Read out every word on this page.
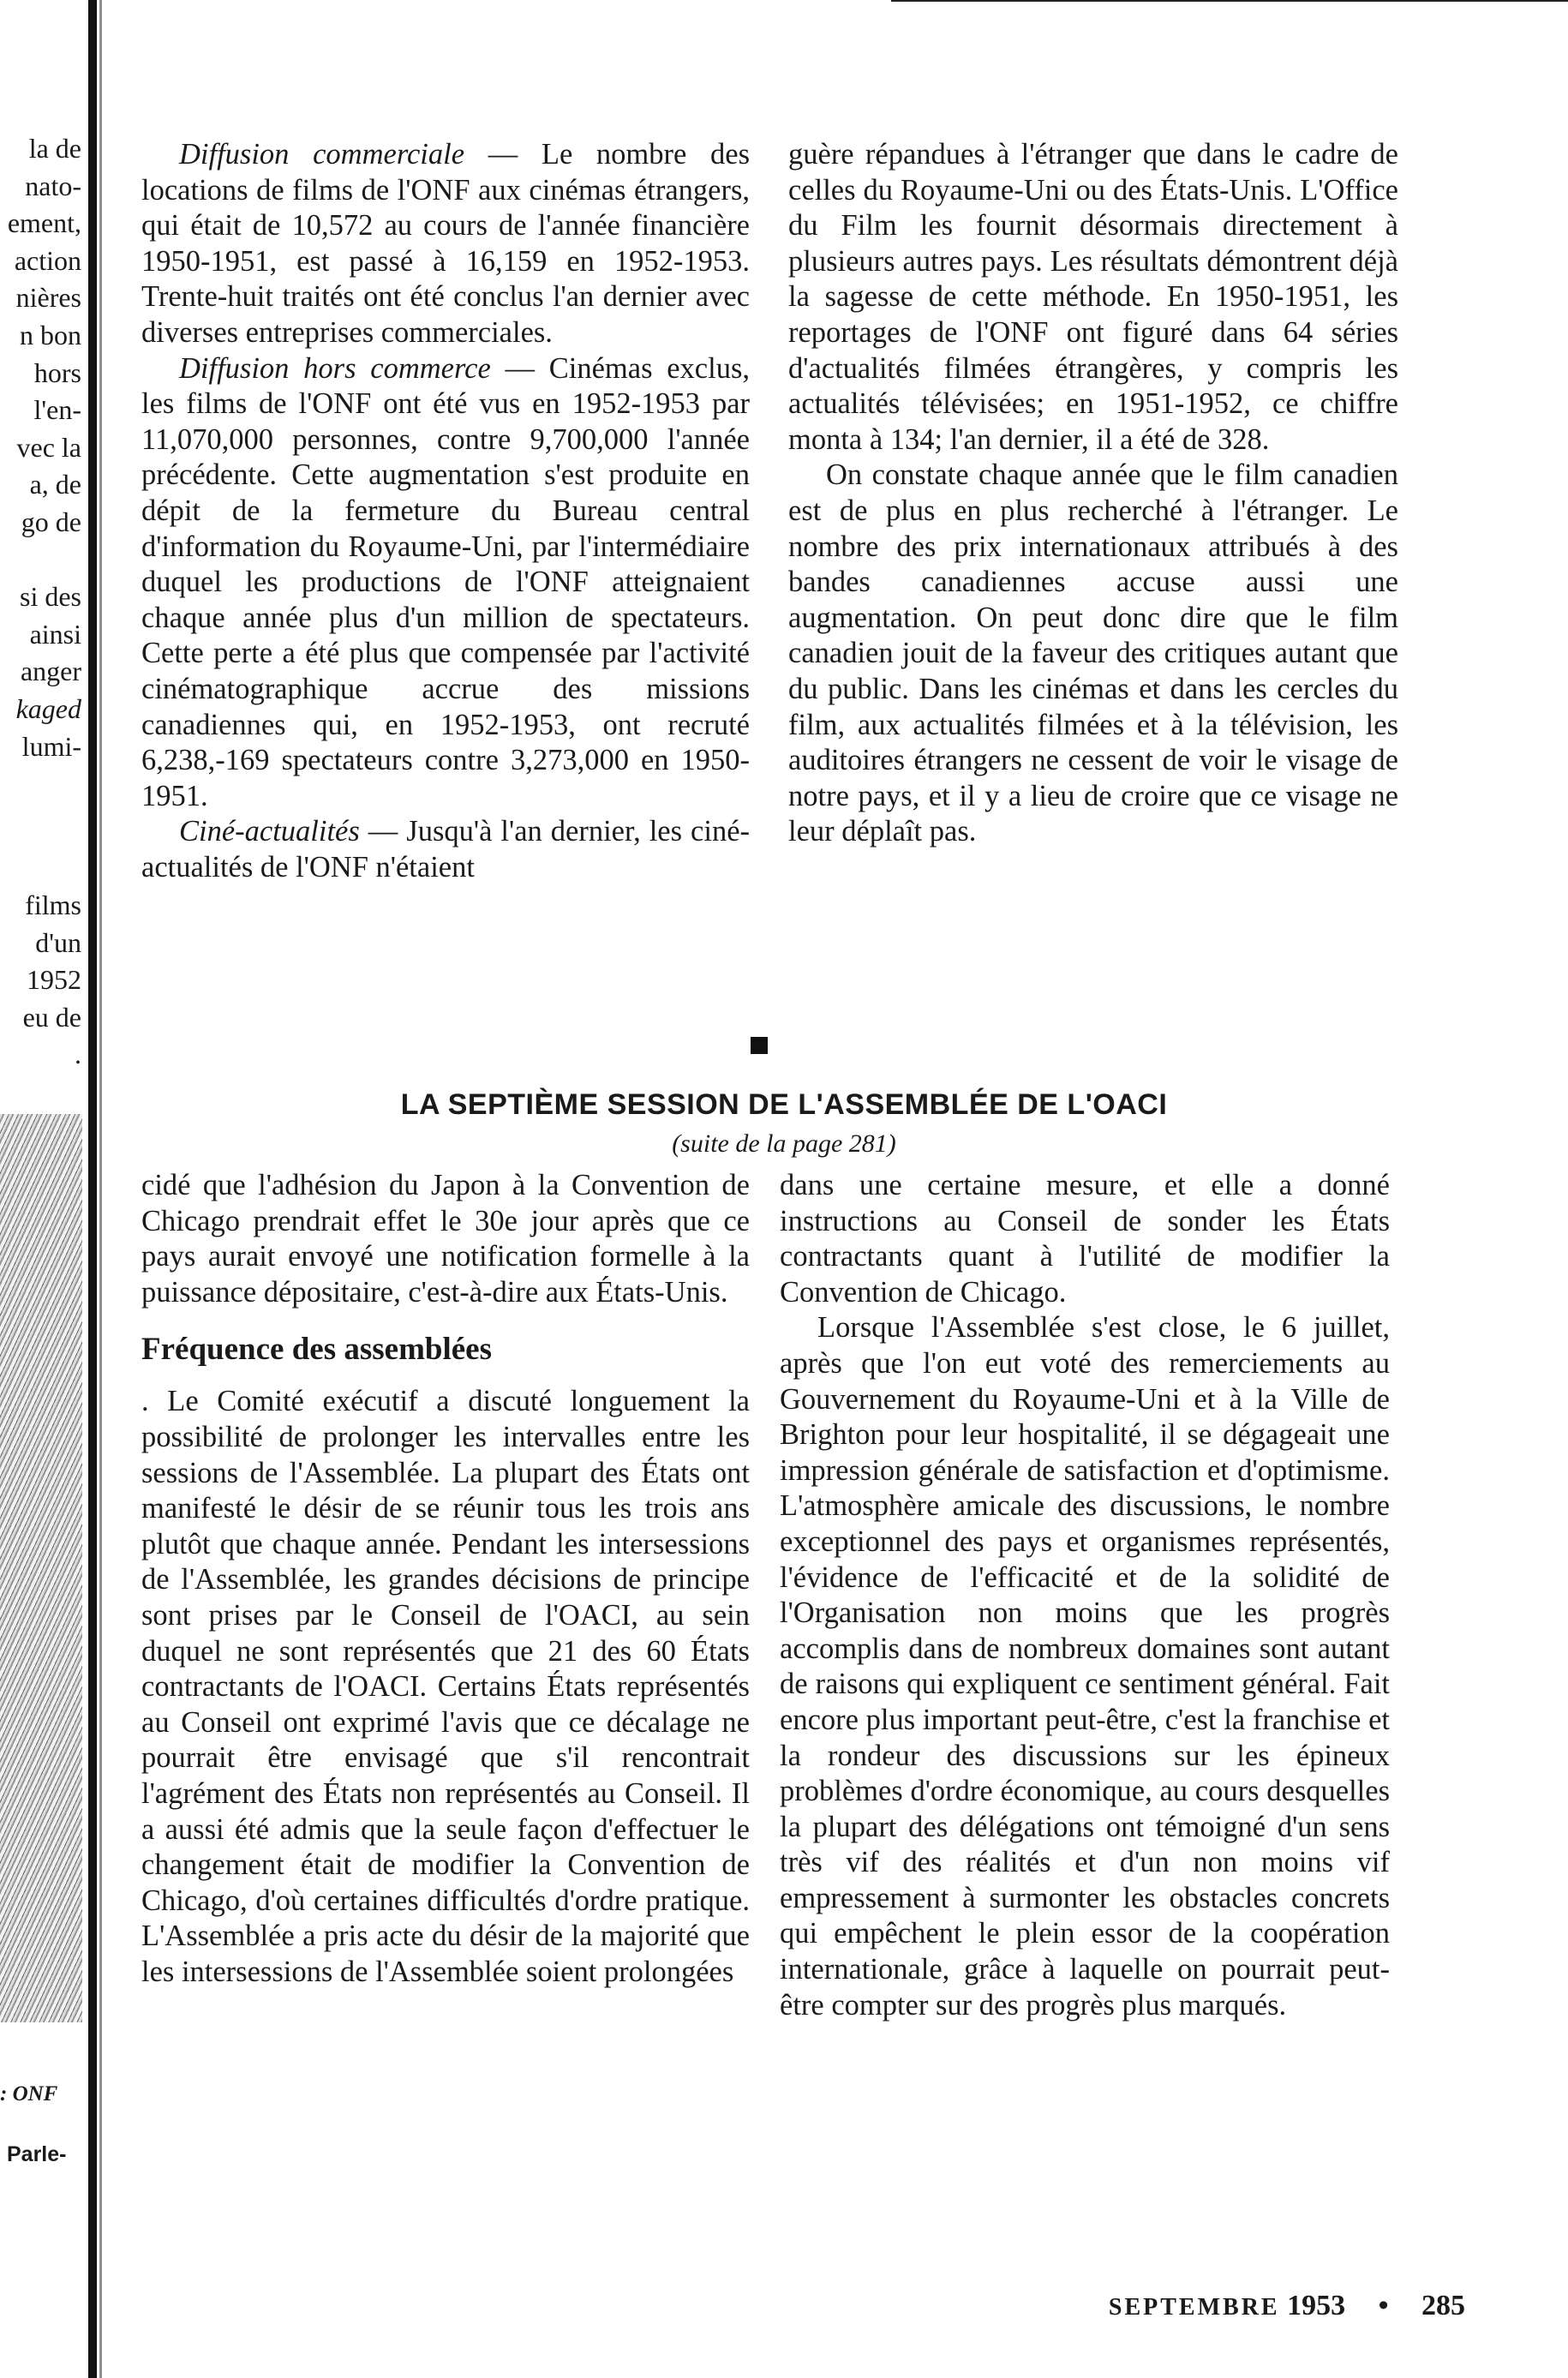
la de
nato-
ement,
action
nières
n bon
hors
l'en-
vec la
a, de
go de
si des
ainsi
anger
kaged
lumi-
films
d'un
1952
eu de
.
: ONF
Parle-

Diffusion commerciale — Le nombre des locations de films de l'ONF aux cinémas étrangers, qui était de 10,572 au cours de l'année financière 1950-1951, est passé à 16,159 en 1952-1953. Trente-huit traités ont été conclus l'an dernier avec diverses entreprises commerciales.

Diffusion hors commerce — Cinémas exclus, les films de l'ONF ont été vus en 1952-1953 par 11,070,000 personnes, contre 9,700,000 l'année précédente. Cette augmentation s'est produite en dépit de la fermeture du Bureau central d'information du Royaume-Uni, par l'intermédiaire duquel les productions de l'ONF atteignaient chaque année plus d'un million de spectateurs. Cette perte a été plus que compensée par l'activité cinématographique accrue des missions canadiennes qui, en 1952-1953, ont recruté 6,238,-169 spectateurs contre 3,273,000 en 1950-1951.

Ciné-actualités — Jusqu'à l'an dernier, les ciné-actualités de l'ONF n'étaient

guère répandues à l'étranger que dans le cadre de celles du Royaume-Uni ou des États-Unis. L'Office du Film les fournit désormais directement à plusieurs autres pays. Les résultats démontrent déjà la sagesse de cette méthode. En 1950-1951, les reportages de l'ONF ont figuré dans 64 séries d'actualités filmées étrangères, y compris les actualités télévisées; en 1951-1952, ce chiffre monta à 134; l'an dernier, il a été de 328.

On constate chaque année que le film canadien est de plus en plus recherché à l'étranger. Le nombre des prix internationaux attribués à des bandes canadiennes accuse aussi une augmentation. On peut donc dire que le film canadien jouit de la faveur des critiques autant que du public. Dans les cinémas et dans les cercles du film, aux actualités filmées et à la télévision, les auditoires étrangers ne cessent de voir le visage de notre pays, et il y a lieu de croire que ce visage ne leur déplaît pas.

LA SEPTIÈME SESSION DE L'ASSEMBLÉE DE L'OACI
(suite de la page 281)

cidé que l'adhésion du Japon à la Convention de Chicago prendrait effet le 30e jour après que ce pays aurait envoyé une notification formelle à la puissance dépositaire, c'est-à-dire aux États-Unis.

Fréquence des assemblées

. Le Comité exécutif a discuté longuement la possibilité de prolonger les intervalles entre les sessions de l'Assemblée. La plupart des États ont manifesté le désir de se réunir tous les trois ans plutôt que chaque année. Pendant les intersessions de l'Assemblée, les grandes décisions de principe sont prises par le Conseil de l'OACI, au sein duquel ne sont représentés que 21 des 60 États contractants de l'OACI. Certains États représentés au Conseil ont exprimé l'avis que ce décalage ne pourrait être envisagé que s'il rencontrait l'agrément des États non représentés au Conseil. Il a aussi été admis que la seule façon d'effectuer le changement était de modifier la Convention de Chicago, d'où certaines difficultés d'ordre pratique. L'Assemblée a pris acte du désir de la majorité que les intersessions de l'Assemblée soient prolongées

dans une certaine mesure, et elle a donné instructions au Conseil de sonder les États contractants quant à l'utilité de modifier la Convention de Chicago.

Lorsque l'Assemblée s'est close, le 6 juillet, après que l'on eut voté des remerciements au Gouvernement du Royaume-Uni et à la Ville de Brighton pour leur hospitalité, il se dégageait une impression générale de satisfaction et d'optimisme. L'atmosphère amicale des discussions, le nombre exceptionnel des pays et organismes représentés, l'évidence de l'efficacité et de la solidité de l'Organisation non moins que les progrès accomplis dans de nombreux domaines sont autant de raisons qui expliquent ce sentiment général. Fait encore plus important peut-être, c'est la franchise et la rondeur des discussions sur les épineux problèmes d'ordre économique, au cours desquelles la plupart des délégations ont témoigné d'un sens très vif des réalités et d'un non moins vif empressement à surmonter les obstacles concrets qui empêchent le plein essor de la coopération internationale, grâce à laquelle on pourrait peut-être compter sur des progrès plus marqués.

SEPTEMBRE 1953 • 285
